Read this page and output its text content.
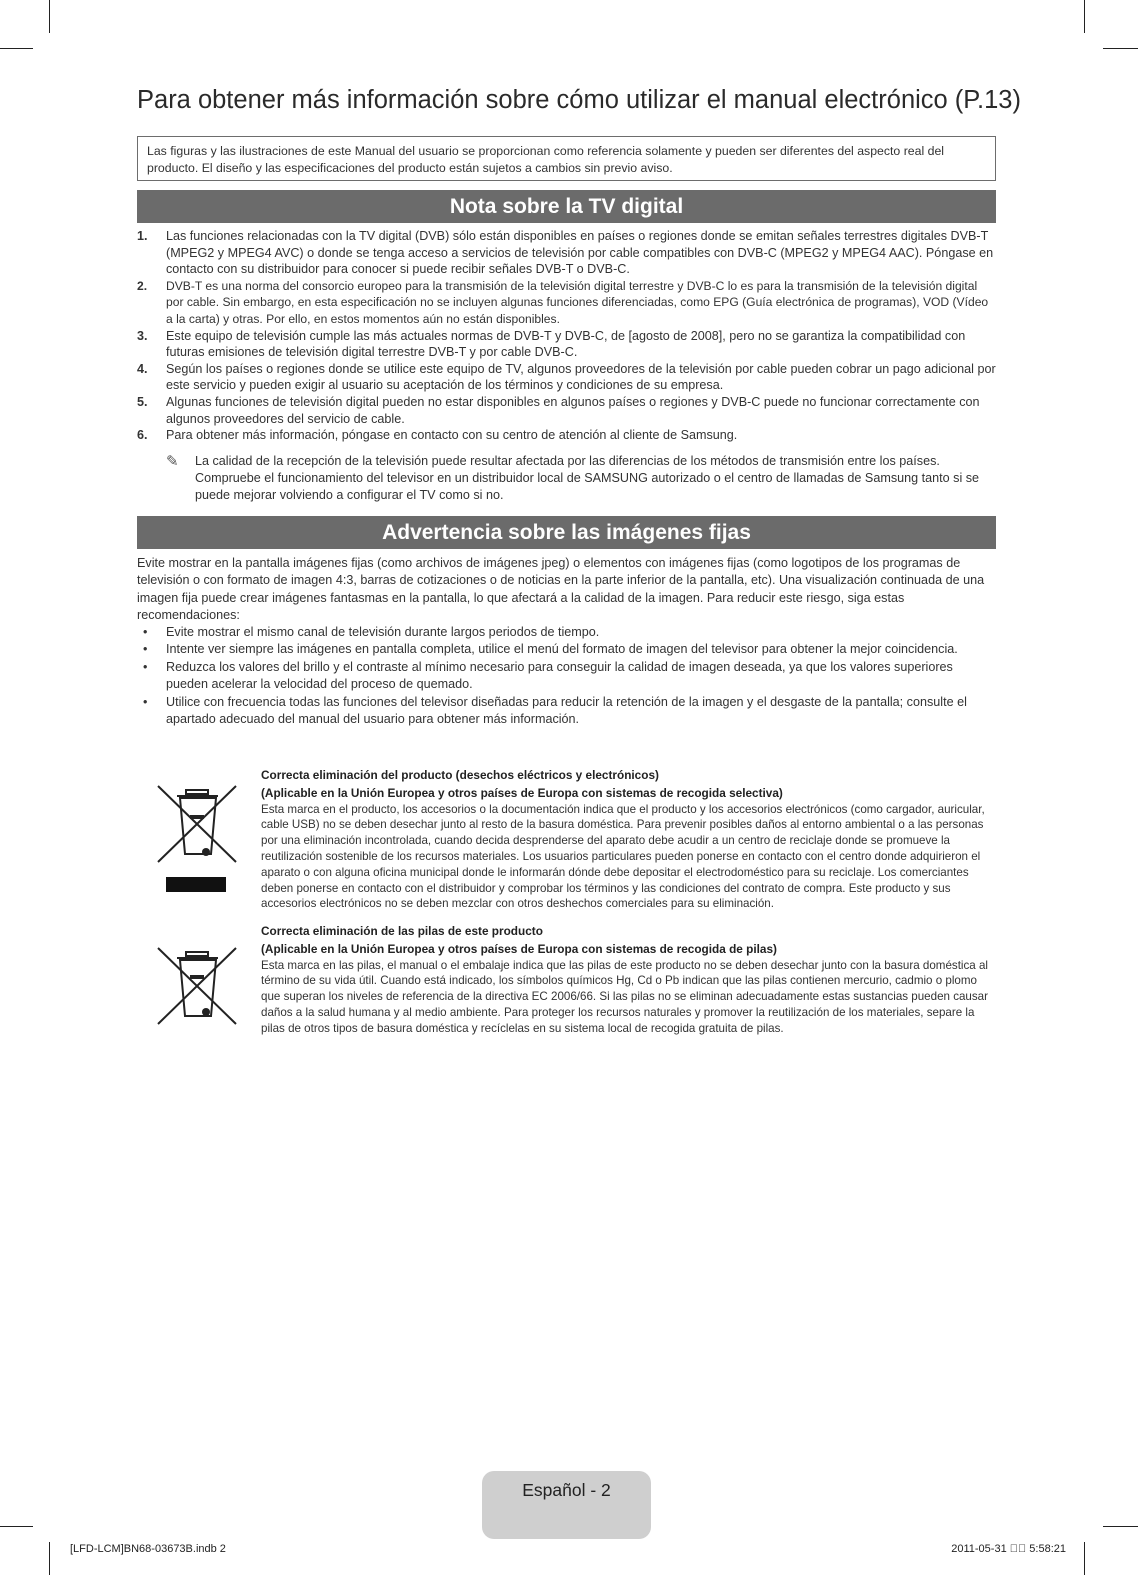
Para obtener más información sobre cómo utilizar el manual electrónico (P.13)
Las figuras y las ilustraciones de este Manual del usuario se proporcionan como referencia solamente y pueden ser diferentes del aspecto real del producto. El diseño y las especificaciones del producto están sujetos a cambios sin previo aviso.
Nota sobre la TV digital
1. Las funciones relacionadas con la TV digital (DVB) sólo están disponibles en países o regiones donde se emitan señales terrestres digitales DVB-T (MPEG2 y MPEG4 AVC) o donde se tenga acceso a servicios de televisión por cable compatibles con DVB-C (MPEG2 y MPEG4 AAC). Póngase en contacto con su distribuidor para conocer si puede recibir señales DVB-T o DVB-C.
2. DVB-T es una norma del consorcio europeo para la transmisión de la televisión digital terrestre y DVB-C lo es para la transmisión de la televisión digital por cable. Sin embargo, en esta especificación no se incluyen algunas funciones diferenciadas, como EPG (Guía electrónica de programas), VOD (Vídeo a la carta) y otras. Por ello, en estos momentos aún no están disponibles.
3. Este equipo de televisión cumple las más actuales normas de DVB-T y DVB-C, de [agosto de 2008], pero no se garantiza la compatibilidad con futuras emisiones de televisión digital terrestre DVB-T y por cable DVB-C.
4. Según los países o regiones donde se utilice este equipo de TV, algunos proveedores de la televisión por cable pueden cobrar un pago adicional por este servicio y pueden exigir al usuario su aceptación de los términos y condiciones de su empresa.
5. Algunas funciones de televisión digital pueden no estar disponibles en algunos países o regiones y DVB-C puede no funcionar correctamente con algunos proveedores del servicio de cable.
6. Para obtener más información, póngase en contacto con su centro de atención al cliente de Samsung.
✎ La calidad de la recepción de la televisión puede resultar afectada por las diferencias de los métodos de transmisión entre los países. Compruebe el funcionamiento del televisor en un distribuidor local de SAMSUNG autorizado o el centro de llamadas de Samsung tanto si se puede mejorar volviendo a configurar el TV como si no.
Advertencia sobre las imágenes fijas

Evite mostrar en la pantalla imágenes fijas (como archivos de imágenes jpeg) o elementos con imágenes fijas (como logotipos de los programas de televisión o con formato de imagen 4:3, barras de cotizaciones o de noticias en la parte inferior de la pantalla, etc). Una visualización continuada de una imagen fija puede crear imágenes fantasmas en la pantalla, lo que afectará a la calidad de la imagen. Para reducir este riesgo, siga estas recomendaciones:

• Evite mostrar el mismo canal de televisión durante largos periodos de tiempo.
• Intente ver siempre las imágenes en pantalla completa, utilice el menú del formato de imagen del televisor para obtener la mejor coincidencia.
• Reduzca los valores del brillo y el contraste al mínimo necesario para conseguir la calidad de imagen deseada, ya que los valores superiores pueden acelerar la velocidad del proceso de quemado.
• Utilice con frecuencia todas las funciones del televisor diseñadas para reducir la retención de la imagen y el desgaste de la pantalla; consulte el apartado adecuado del manual del usuario para obtener más información.
Correcta eliminación del producto (desechos eléctricos y electrónicos)
(Aplicable en la Unión Europea y otros países de Europa con sistemas de recogida selectiva)
Esta marca en el producto, los accesorios o la documentación indica que el producto y los accesorios electrónicos (como cargador, auricular, cable USB) no se deben desechar junto al resto de la basura doméstica. Para prevenir posibles daños al entorno ambiental o a las personas por una eliminación incontrolada, cuando decida desprenderse del aparato debe acudir a un centro de reciclaje donde se promueve la reutilización sostenible de los recursos materiales. Los usuarios particulares pueden ponerse en contacto con el centro donde adquirieron el aparato o con alguna oficina municipal donde le informarán dónde debe depositar el electrodoméstico para su reciclaje. Los comerciantes deben ponerse en contacto con el distribuidor y comprobar los términos y las condiciones del contrato de compra. Este producto y sus accesorios electrónicos no se deben mezclar con otros deshechos comerciales para su eliminación.
Correcta eliminación de las pilas de este producto
(Aplicable en la Unión Europea y otros países de Europa con sistemas de recogida de pilas)
Esta marca en las pilas, el manual o el embalaje indica que las pilas de este producto no se deben desechar junto con la basura doméstica al término de su vida útil. Cuando está indicado, los símbolos químicos Hg, Cd o Pb indican que las pilas contienen mercurio, cadmio o plomo que superan los niveles de referencia de la directiva EC 2006/66. Si las pilas no se eliminan adecuadamente estas sustancias pueden causar daños a la salud humana y al medio ambiente. Para proteger los recursos naturales y promover la reutilización de los materiales, separe la pilas de otros tipos de basura doméstica y recíclelas en su sistema local de recogida gratuita de pilas.
Español - 2
[LFD-LCM]BN68-03673B.indb 2	2011-05-31 ￿￿ 5:58:21
